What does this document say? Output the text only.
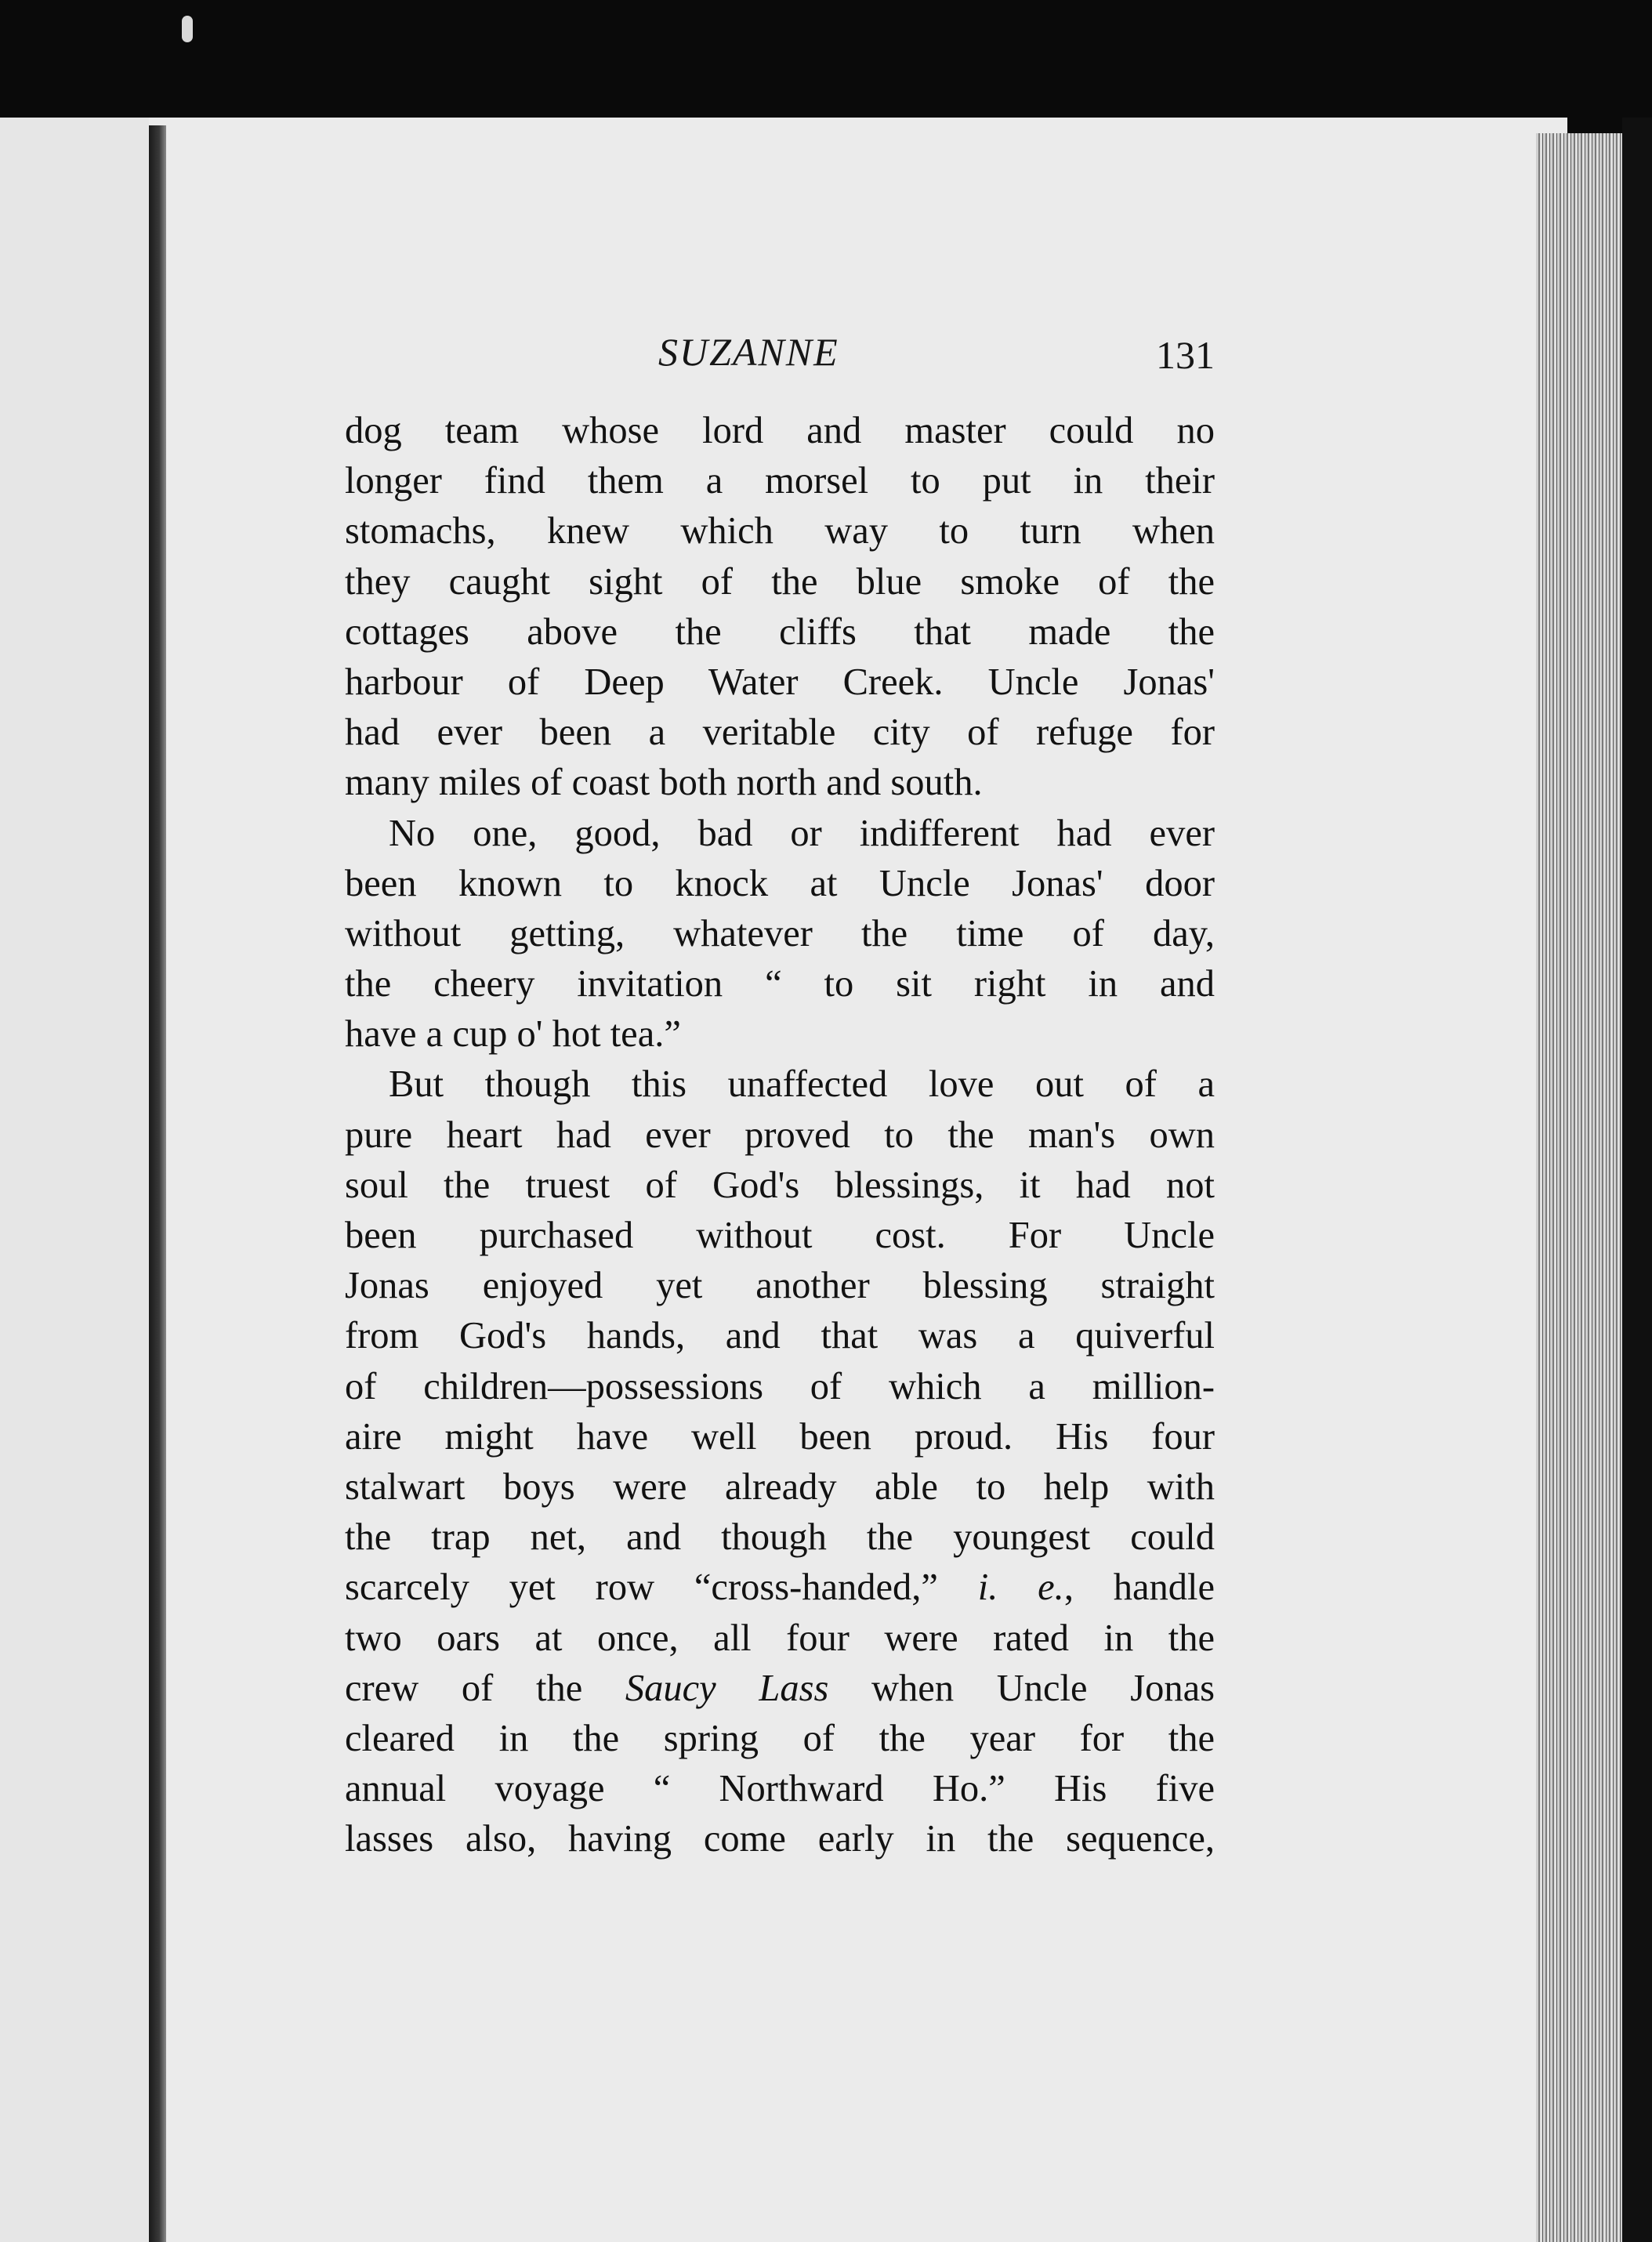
SUZANNE	131
dog team whose lord and master could no
longer find them a morsel to put in their
stomachs, knew which way to turn when
they caught sight of the blue smoke of the
cottages above the cliffs that made the
harbour of Deep Water Creek. Uncle Jonas'
had ever been a veritable city of refuge for
many miles of coast both north and south.
No one, good, bad or indifferent had ever
been known to knock at Uncle Jonas' door
without getting, whatever the time of day,
the cheery invitation “ to sit right in and
have a cup o' hot tea.”
But though this unaffected love out of a
pure heart had ever proved to the man's own
soul the truest of God's blessings, it had not
been purchased without cost. For Uncle
Jonas enjoyed yet another blessing straight
from God's hands, and that was a quiverful
of children—possessions of which a million-
aire might have well been proud. His four
stalwart boys were already able to help with
the trap net, and though the youngest could
scarcely yet row “cross-handed,” i. e., handle
two oars at once, all four were rated in the
crew of the Saucy Lass when Uncle Jonas
cleared in the spring of the year for the
annual voyage “ Northward Ho.” His five
lasses also, having come early in the sequence,
